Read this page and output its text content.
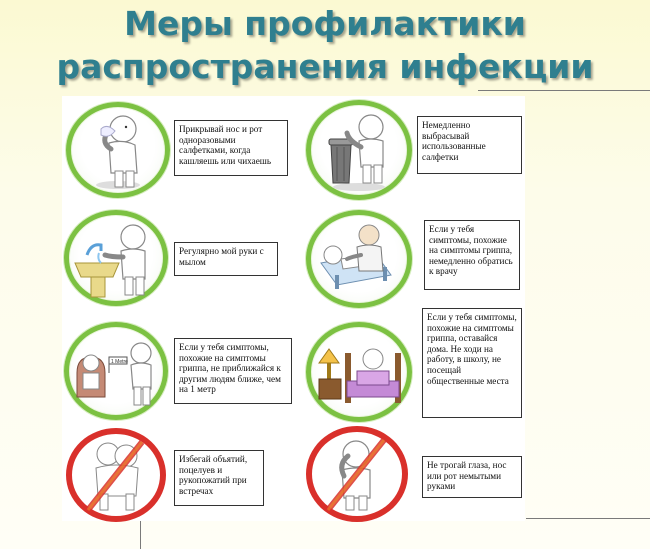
Меры профилактики
распространения инфекции
Прикрывай нос и рот одноразовыми салфетками, когда кашляешь или чихаешь
Немедленно выбрасывай использованные салфетки
Регулярно мой руки с мылом
Если у тебя симптомы, похожие на симптомы гриппа, немедленно обратись к врачу
1 Metre
Если у тебя симптомы, похожие на симптомы гриппа, не приближайся к другим людям ближе, чем на 1 метр
Если у тебя симптомы, похожие на симптомы гриппа, оставайся дома. Не ходи на работу, в школу, не посещай общественные места
Избегай объятий, поцелуев и рукопожатий при встречах
Не трогай глаза, нос или рот немытыми руками
